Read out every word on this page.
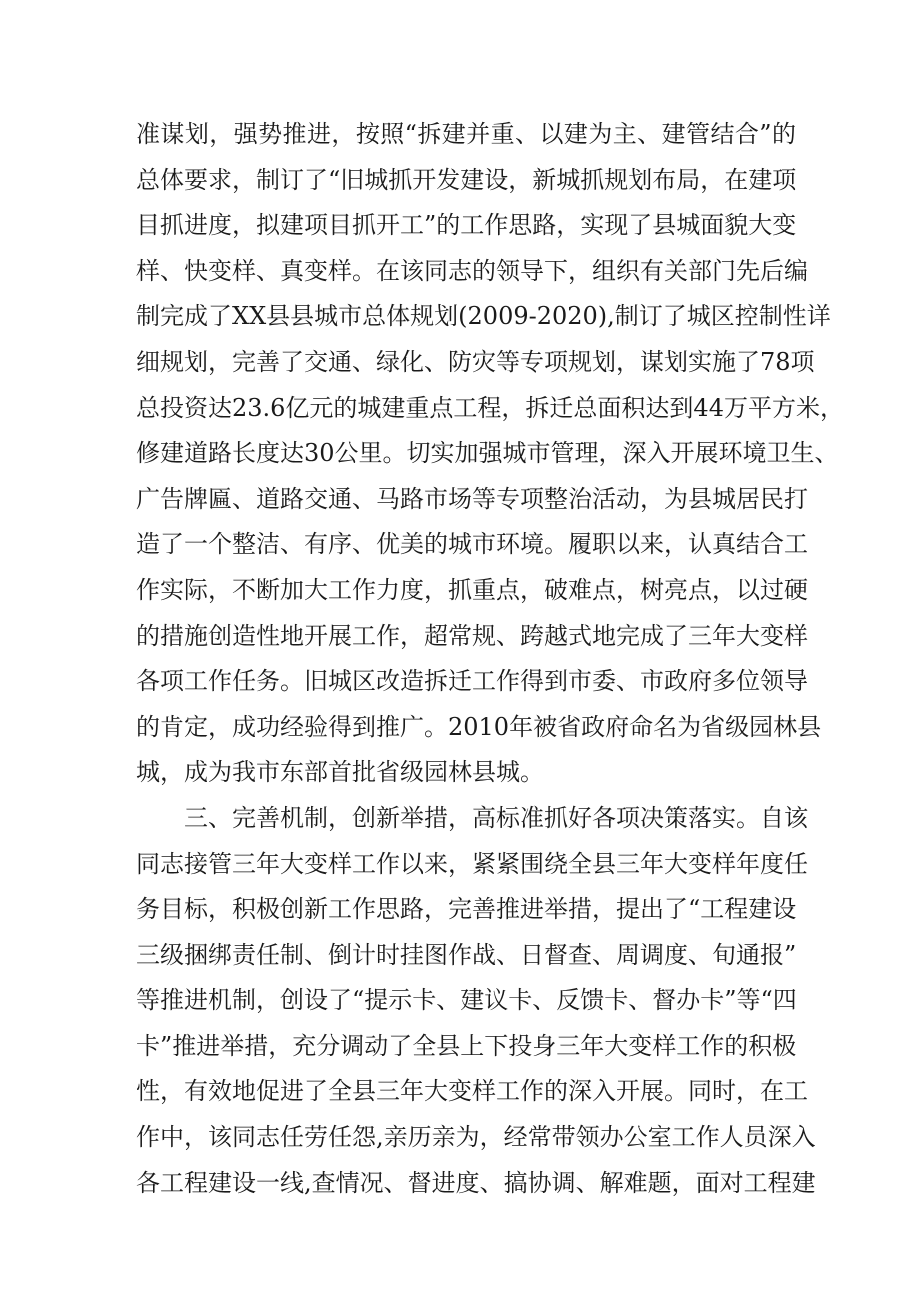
准谋划，强势推进，按照“拆建并重、以建为主、建管结合”的
总体要求，制订了“旧城抓开发建设，新城抓规划布局，在建项
目抓进度，拟建项目抓开工”的工作思路，实现了县城面貌大变
样、快变样、真变样。在该同志的领导下，组织有关部门先后编
制完成了XX县县城市总体规划(2009-2020),制订了城区控制性详
细规划，完善了交通、绿化、防灾等专项规划，谋划实施了78项
总投资达23.6亿元的城建重点工程，拆迁总面积达到44万平方米，
修建道路长度达30公里。切实加强城市管理，深入开展环境卫生、
广告牌匾、道路交通、马路市场等专项整治活动，为县城居民打
造了一个整洁、有序、优美的城市环境。履职以来，认真结合工
作实际，不断加大工作力度，抓重点，破难点，树亮点，以过硬
的措施创造性地开展工作，超常规、跨越式地完成了三年大变样
各项工作任务。旧城区改造拆迁工作得到市委、市政府多位领导
的肯定，成功经验得到推广。2010年被省政府命名为省级园林县
城，成为我市东部首批省级园林县城。
三、完善机制，创新举措，高标准抓好各项决策落实。自该
同志接管三年大变样工作以来，紧紧围绕全县三年大变样年度任
务目标，积极创新工作思路，完善推进举措，提出了“工程建设
三级捆绑责任制、倒计时挂图作战、日督查、周调度、旬通报”
等推进机制，创设了“提示卡、建议卡、反馈卡、督办卡”等“四
卡”推进举措，充分调动了全县上下投身三年大变样工作的积极
性，有效地促进了全县三年大变样工作的深入开展。同时，在工
作中，该同志任劳任怨,亲历亲为，经常带领办公室工作人员深入
各工程建设一线,查情况、督进度、搞协调、解难题，面对工程建
